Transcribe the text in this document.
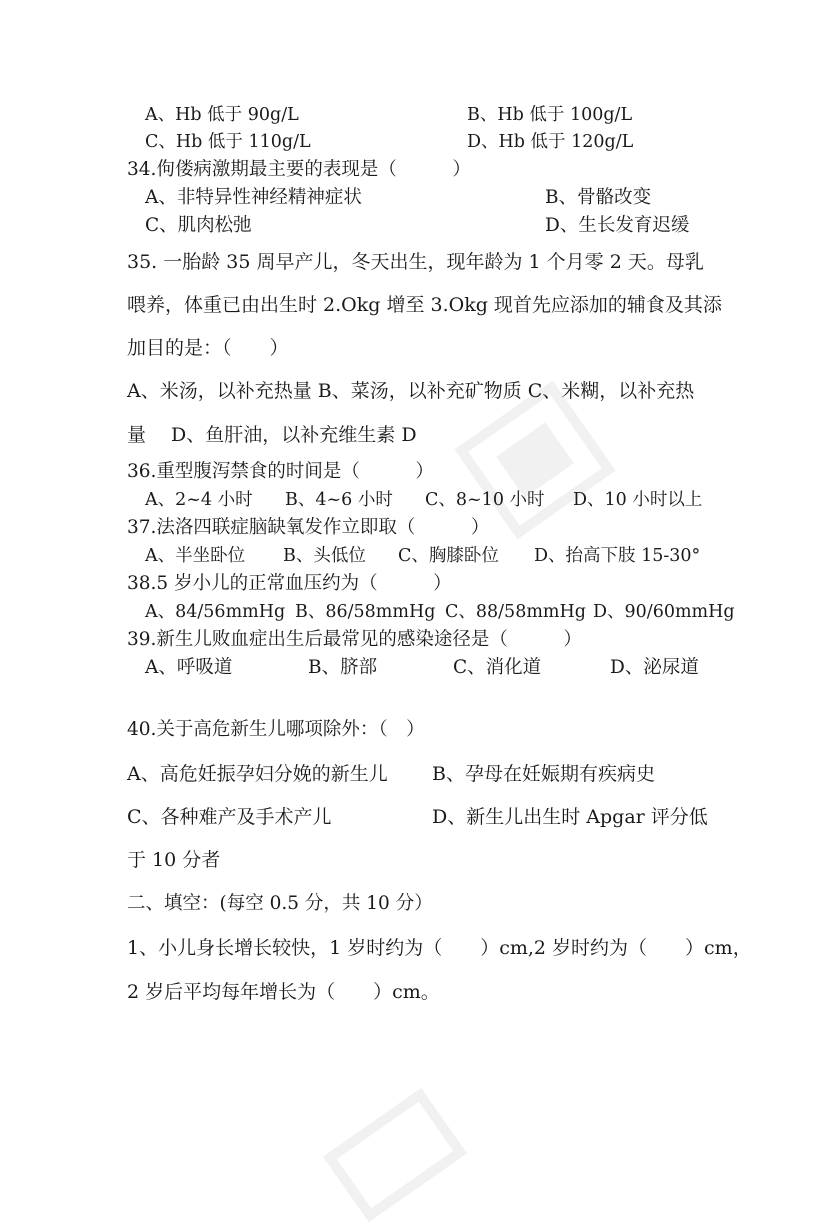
A、Hb 低于 90g/L	B、Hb 低于 100g/L
C、Hb 低于 110g/L	D、Hb 低于 120g/L
34.佝偻病激期最主要的表现是（　　　）
A、非特异性神经精神症状	B、骨骼改变
C、肌肉松弛	D、生长发育迟缓
35. 一胎龄 35 周早产儿，冬天出生，现年龄为 1 个月零 2 天。母乳
喂养，体重已由出生时 2.Okg 增至 3.Okg 现首先应添加的辅食及其添
加目的是：（　　）
A、米汤，以补充热量 B、菜汤，以补充矿物质 C、米糊，以补充热
量　 D、鱼肝油，以补充维生素 D
36.重型腹泻禁食的时间是（　　　）
A、2~4 小时 B、4~6 小时 C、8~10 小时 D、10 小时以上
37.法洛四联症脑缺氧发作立即取（　　　）
A、半坐卧位 B、头低位 C、胸膝卧位 D、抬高下肢 15-30°
38.5 岁小儿的正常血压约为（　　　）
A、84/56mmHg B、86/58mmHg C、88/58mmHg D、90/60mmHg
39.新生儿败血症出生后最常见的感染途径是（　　　）
A、呼吸道	B、脐部	C、消化道	D、泌尿道
40.关于高危新生儿哪项除外：（　）
A、高危妊振孕妇分娩的新生儿 B、孕母在妊娠期有疾病史
C、各种难产及手术产儿	D、新生儿出生时 Apgar 评分低
于 10 分者
二、填空：(每空 0.5 分，共 10 分）
1、小儿身长增长较快，1 岁时约为（　　）cm,2 岁时约为（　　）cm，
2 岁后平均每年增长为（　　）cm。
